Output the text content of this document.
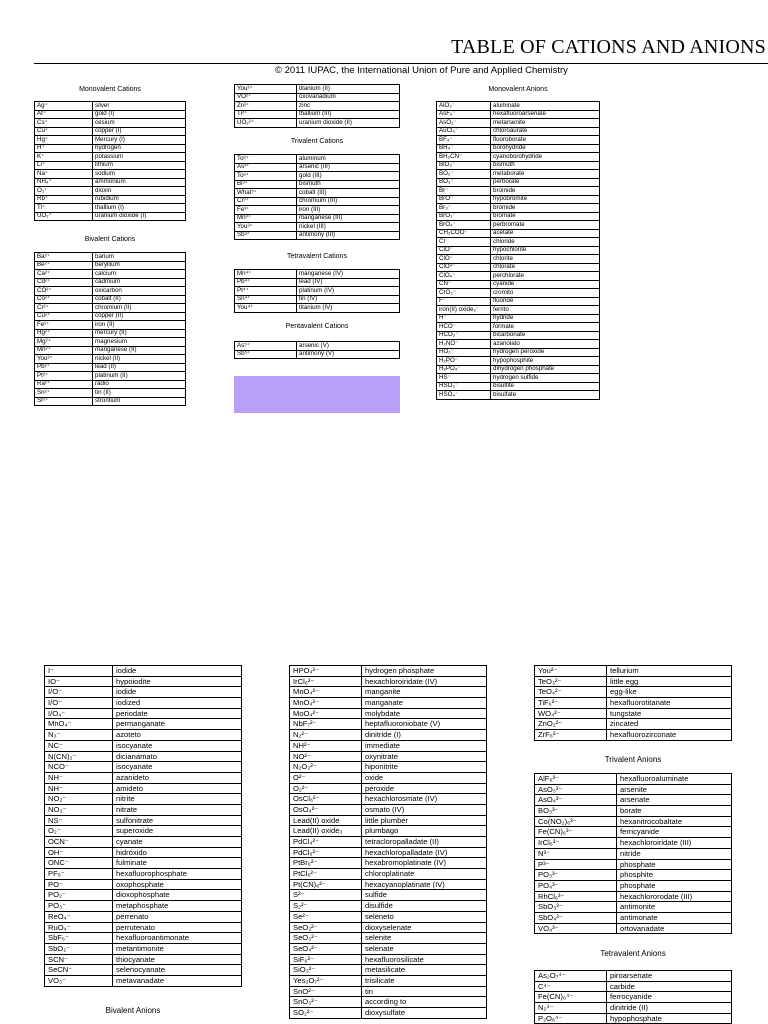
TABLE OF CATIONS AND ANIONS
© 2011 IUPAC, the International Union of Pure and Applied Chemistry
Monovalent Cations
Ag⁺	silver
At⁺	gold (I)
Cs⁺	cesium
Cu⁺	copper (I)
Hg⁺	Mercury (I)
H⁺	hydrogen
K⁺	potassium
Li⁺	lithium
Na⁺	sodium
NH₄⁺	ammonium
O₂⁺	dioxin
Rb⁺	rubidium
Tl⁺	thallium (I)
UO₂⁺	uranium dioxide (I)
Bivalent Cations
Ba²⁺	barium
Be²⁺	beryllium
Ca²⁺	calcium
Cd²⁺	cadmium
CO²⁺	oxicarbon
Co²⁺	cobalt (II)
Cr²⁺	chromium (II)
Cu²⁺	copper (II)
Fe²⁺	iron (II)
Hg²⁺	mercury (II)
Mg²⁺	magnesium
Mn²⁺	manganese (II)
You²⁺	nickel (II)
Pb²⁺	lead (II)
Pt²⁺	platinum (II)
Ra²⁺	radio
Sn²⁺	tin (II)
Sr²⁺	strontium
You²⁺	titanium (II)
VO²⁺	oxovanadium
Zn²⁺	zinc
Tl²⁺	thallium (III)
UO₂²⁺	uranium dioxide (II)
Trivalent Cations
To³⁺	aluminum
As³⁺	arsenic (III)
To³⁺	gold (III)
Bi³⁺	bismuth
What³⁺	cobalt (III)
Cr³⁺	chromium (III)
Fe³⁺	iron (III)
Mn³⁺	manganese (III)
You³⁺	nickel (III)
Sb³⁺	antimony (III)
Tetravalent Cations
Mn⁴⁺	manganese (IV)
Pb⁴⁺	lead (IV)
Pt⁴⁺	platinum (IV)
Sn⁴⁺	tin (IV)
You⁴⁺	titanium (IV)
Pentavalent Cations
As⁵⁺	arsenic (V)
Sb⁵⁺	antimony (V)
Monovalent Anions
AlO₂⁻	aluminate
AsF₆⁻	hexafluoroarsenate
AsO₂⁻	metarsenite
AuCl₄⁻	chloroaurate
BF₄⁻	fluoroborate
BH₄⁻	borohydride
BH₃CN⁻	cyanoborohydride
BiO₃⁻	bismuth
BO₂⁻	metaborate
BO₃⁻	perborate
Br⁻	bromide
BrO⁻	hypobromite
Br₃⁻	bromide
BrO₃⁻	bromate
BrO₄⁻	perbromate
CH₃COO⁻	acetate
Cl⁻	chloride
ClO⁻	hypochlorite
ClO⁻	chlorite
ClO³⁻	chlorate
ClO₄⁻	perchlorate
CN⁻	cyanide
CrO₂⁻	cromito
F⁻	fluoride
iron(II) oxide₂⁻	ferrito
H⁻	hydride
HCO⁻	formate
HCO₃⁻	bicarbonate
H₂NO⁻	azanolato
HO₂⁻	hydrogen peroxide
H₂PO⁻	hypophosphite
H₂PO₄⁻	dihydrogen phosphate
HS⁻	hydrogen sulfide
HSO₃⁻	bisulfite
HSO₄⁻	bisulfate
I⁻	iodide
IO⁻	hypoiodite
I/O⁻	iodide
I/O⁻	iodized
I/O₄⁻	periodate
MnO₄⁻	permanganate
N₃⁻	azoteto
NC⁻	isocyanate
N(CN)₂⁻	dicianamato
NCO⁻	isocyanate
NH⁻	azanideto
NH⁻	amideto
NO₂⁻	nitrite
NO₃⁻	nitrate
NS⁻	sulfonitrate
O₂⁻	superoxide
OCN⁻	cyanate
OH⁻	hidróxido
ONC⁻	fulminate
PF₆⁻	hexafluorophosphate
PO⁻	oxophosphate
PO₂⁻	dioxophosphate
PO₃⁻	metaphosphate
ReO₄⁻	perrenato
RuO₄⁻	perrutenato
SbF₆⁻	hexafluoroantimonate
SbO₂⁻	metantimonite
SCN⁻	thiocyanate
SeCN⁻	selenocyanate
VO₃⁻	metavanadate
Bivalent Anions
HPO₄²⁻	hydrogen phosphate
IrCl₆²⁻	hexachloroiridate (IV)
MnO₄²⁻	manganite
MnO₄²⁻	manganate
MoO₄²⁻	molybdate
NbF₇²⁻	heptafluoroniobate (V)
N₂²⁻	dinitride (I)
NH²⁻	immediate
NO²⁻	oxynitrate
N₂O₂²⁻	hiponitrite
O²⁻	oxide
O₂²⁻	peroxide
OsCl₆²⁻	hexachlorosmate (IV)
OsO₄²⁻	osmato (IV)
Lead(II) oxide	little plumber
Lead(II) oxide₃	plumbago
PdCl₄²⁻	tetracloropalladate (II)
PdCl₆²⁻	hexachloropalladate (IV)
PtBr₆²⁻	hexabromoplatinate (IV)
PtCl₆²⁻	chloroplatinate
Pt(CN)₆²⁻	hexacyanoplatinate (IV)
S²⁻	sulfide
S₂²⁻	disulfide
Se²⁻	seleneto
SeO₂²⁻	dioxyselenate
SeO₃²⁻	selenite
SeO₄²⁻	selenate
SiF₆²⁻	hexafluorosilicate
SiO₃²⁻	metasilicate
Yes₃O₇²⁻	trisilicate
SnO²⁻	tin
SnO₃²⁻	according to
SO₂²⁻	dioxysulfate
You²⁻	tellurium
TeO₃²⁻	little egg
TeO₄²⁻	egg-like
TiF₆²⁻	hexafluorotitanate
WO₄²⁻	tungstate
ZnO₂²⁻	zincated
ZrF₆²⁻	hexafluorozirconate
Trivalent Anions
AlF₆³⁻	hexafluoroaluminate
AsO₃³⁻	arsenite
AsO₄³⁻	arsenate
BO₃³⁻	borate
Co(NO₂)₆³⁻	hexanitrocobaltate
Fe(CN)₆³⁻	ferricyanide
IrCl₆³⁻	hexachloroiridate (III)
N³⁻	nitride
P³⁻	phosphate
PO₃³⁻	phosphite
PO₄³⁻	phosphate
RhCl₆³⁻	hexachlororodate (III)
SbO₃³⁻	antimonite
SbO₄³⁻	antimonate
VO₄³⁻	ortovanadate
Tetravalent Anions
As₂O₇⁴⁻	piroarsenate
C⁴⁻	carbide
Fe(CN)₆⁴⁻	ferrocyanide
N₂⁴⁻	dinitride (II)
P₂O₆⁴⁻	hypophosphate
